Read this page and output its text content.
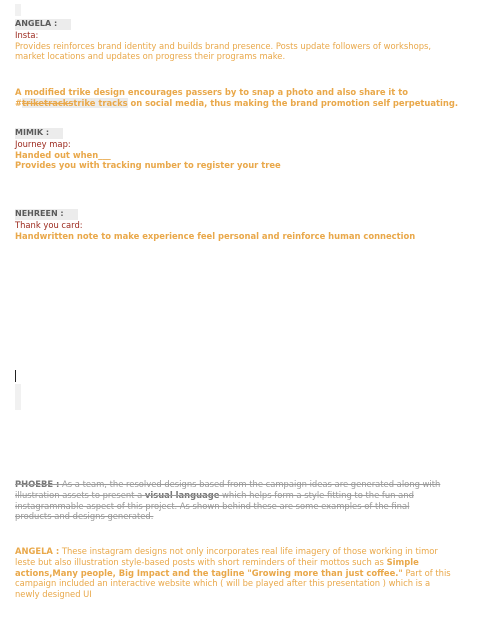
ANGELA :
Insta:
Provides reinforces brand identity and builds brand presence. Posts update followers of workshops,
market locations and updates on progress their programs make.
A modified trike design encourages passers by to snap a photo and also share it to
#triketrackstrike tracks on social media, thus making the brand promotion self perpetuating.
MIMIK :
Journey map:
Handed out when___
Provides you with tracking number to register your tree
NEHREEN :
Thank you card:
Handwritten note to make experience feel personal and reinforce human connection
PHOEBE : As a team, the resolved designs based from the campaign ideas are generated along with
illustration assets to present a visual language which helps form a style fitting to the fun and
instagrammable aspect of this project. As shown behind these are some examples of the final
products and designs generated.
ANGELA : These instagram designs not only incorporates real life imagery of those working in timor
leste but also illustration style-based posts with short reminders of their mottos such as Simple
actions,Many people, Big Impact and the tagline "Growing more than just coffee." Part of this
campaign included an interactive website which ( will be played after this presentation ) which is a
newly designed UI
